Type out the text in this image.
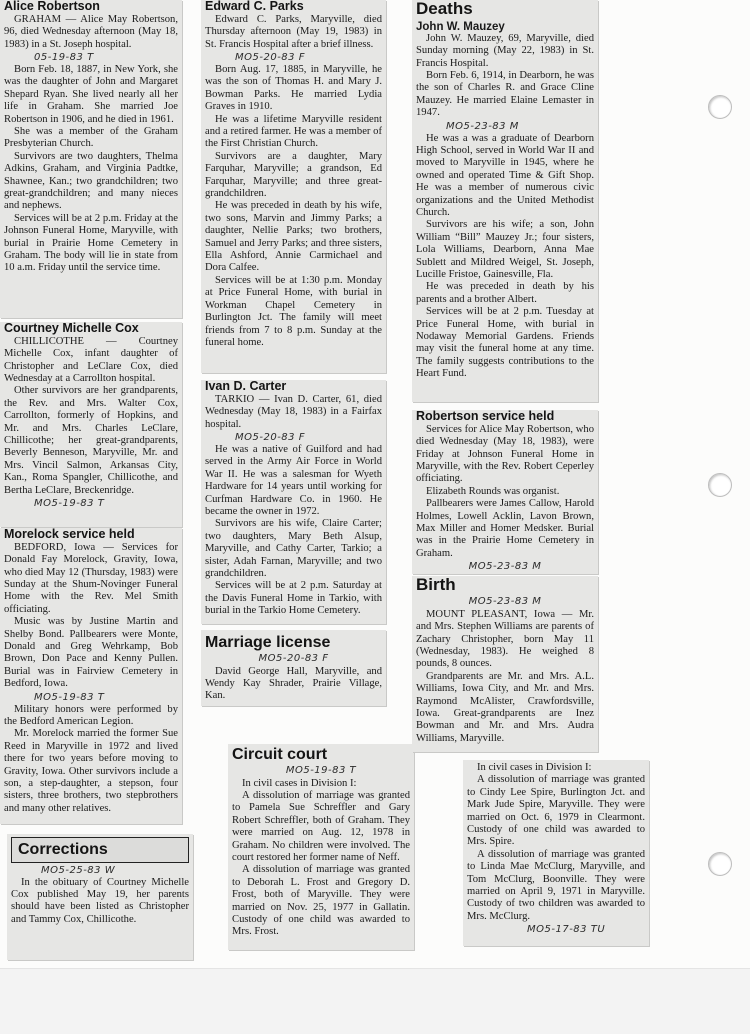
Alice Robertson

GRAHAM — Alice May Robertson, 96, died Wednesday afternoon (May 18, 1983) in a St. Joseph hospital.

05-19-83 T

Born Feb. 18, 1887, in New York, she was the daughter of John and Margaret Shepard Ryan. She lived nearly all her life in Graham. She married Joe Robertson in 1906, and he died in 1961.

She was a member of the Graham Presbyterian Church.

Survivors are two daughters, Thelma Adkins, Graham, and Virginia Padtke, Shawnee, Kan.; two grandchildren; two great-grandchildren; and many nieces and nephews.

Services will be at 2 p.m. Friday at the Johnson Funeral Home, Maryville, with burial in Prairie Home Cemetery in Graham. The body will lie in state from 10 a.m. Friday until the service time.

Courtney Michelle Cox

CHILLICOTHE — Courtney Michelle Cox, infant daughter of Christopher and LeClare Cox, died Wednesday at a Carrollton hospital.

Other survivors are her grandparents, the Rev. and Mrs. Walter Cox, Carrollton, formerly of Hopkins, and Mr. and Mrs. Charles LeClare, Chillicothe; her great-grandparents, Beverly Benneson, Maryville, Mr. and Mrs. Vincil Salmon, Arkansas City, Kan., Roma Spangler, Chillicothe, and Bertha LeClare, Breckenridge.

MO5-19-83 T
Morelock service held

BEDFORD, Iowa — Services for Donald Fay Morelock, Gravity, Iowa, who died May 12 (Thursday, 1983) were Sunday at the Shum-Novinger Funeral Home with the Rev. Mel Smith officiating.

Music was by Justine Martin and Shelby Bond. Pallbearers were Monte, Donald and Greg Wehrkamp, Bob Brown, Don Pace and Kenny Pullen. Burial was in Fairview Cemetery in Bedford, Iowa.

MO5-19-83 T

Military honors were performed by the Bedford American Legion.

Mr. Morelock married the former Sue Reed in Maryville in 1972 and lived there for two years before moving to Gravity, Iowa. Other survivors include a son, a step-daughter, a stepson, four sisters, three brothers, two stepbrothers and many other relatives.

Corrections
MO5-25-83 W

In the obituary of Courtney Michelle Cox published May 19, her parents should have been listed as Christopher and Tammy Cox, Chillicothe.

Edward C. Parks

Edward C. Parks, Maryville, died Thursday afternoon (May 19, 1983) in St. Francis Hospital after a brief illness.

MO5-20-83 F

Born Aug. 17, 1885, in Maryville, he was the son of Thomas H. and Mary J. Bowman Parks. He married Lydia Graves in 1910.

He was a lifetime Maryville resident and a retired farmer. He was a member of the First Christian Church.

Survivors are a daughter, Mary Farquhar, Maryville; a grandson, Ed Farquhar, Maryville; and three great-grandchildren.

He was preceded in death by his wife, two sons, Marvin and Jimmy Parks; a daughter, Nellie Parks; two brothers, Samuel and Jerry Parks; and three sisters, Ella Ashford, Annie Carmichael and Dora Calfee.

Services will be at 1:30 p.m. Monday at Price Funeral Home, with burial in Workman Chapel Cemetery in Burlington Jct. The family will meet friends from 7 to 8 p.m. Sunday at the funeral home.

Ivan D. Carter

TARKIO — Ivan D. Carter, 61, died Wednesday (May 18, 1983) in a Fairfax hospital.

MO5-20-83 F

He was a native of Guilford and had served in the Army Air Force in World War II. He was a salesman for Wyeth Hardware for 14 years until working for Curfman Hardware Co. in 1960. He became the owner in 1972.

Survivors are his wife, Claire Carter; two daughters, Mary Beth Alsup, Maryville, and Cathy Carter, Tarkio; a sister, Adah Farnan, Maryville; and two grandchildren.

Services will be at 2 p.m. Saturday at the Davis Funeral Home in Tarkio, with burial in the Tarkio Home Cemetery.

Marriage license
MO5-20-83 F

David George Hall, Maryville, and Wendy Kay Shrader, Prairie Village, Kan.

Circuit court
MO5-19-83 T

In civil cases in Division I:

A dissolution of marriage was granted to Pamela Sue Schreffler and Gary Robert Schreffler, both of Graham. They were married on Aug. 12, 1978 in Graham. No children were involved. The court restored her former name of Neff.

A dissolution of marriage was granted to Deborah L. Frost and Gregory D. Frost, both of Maryville. They were married on Nov. 25, 1977 in Gallatin. Custody of one child was awarded to Mrs. Frost.

Deaths
John W. Mauzey

John W. Mauzey, 69, Maryville, died Sunday morning (May 22, 1983) in St. Francis Hospital.

Born Feb. 6, 1914, in Dearborn, he was the son of Charles R. and Grace Cline Mauzey. He married Elaine Lemaster in 1947.

MO5-23-83 M

He was a was a graduate of Dearborn High School, served in World War II and moved to Maryville in 1945, where he owned and operated Time & Gift Shop. He was a member of numerous civic organizations and the United Methodist Church.

Survivors are his wife; a son, John William “Bill” Mauzey Jr.; four sisters, Lola Williams, Dearborn, Anna Mae Sublett and Mildred Weigel, St. Joseph, Lucille Fristoe, Gainesville, Fla.

He was preceded in death by his parents and a brother Albert.

Services will be at 2 p.m. Tuesday at Price Funeral Home, with burial in Nodaway Memorial Gardens. Friends may visit the funeral home at any time. The family suggests contributions to the Heart Fund.

Robertson service held

Services for Alice May Robertson, who died Wednesday (May 18, 1983), were Friday at Johnson Funeral Home in Maryville, with the Rev. Robert Ceperley officiating.

Elizabeth Rounds was organist.

Pallbearers were James Callow, Harold Holmes, Lowell Acklin, Lavon Brown, Max Miller and Homer Medsker. Burial was in the Prairie Home Cemetery in Graham.

MO5-23-83 M
Birth
MO5-23-83 M

MOUNT PLEASANT, Iowa — Mr. and Mrs. Stephen Williams are parents of Zachary Christopher, born May 11 (Wednesday, 1983). He weighed 8 pounds, 8 ounces.

Grandparents are Mr. and Mrs. A.L. Williams, Iowa City, and Mr. and Mrs. Raymond McAlister, Crawfordsville, Iowa. Great-grandparents are Inez Bowman and Mr. and Mrs. Audra Williams, Maryville.

In civil cases in Division I:

A dissolution of marriage was granted to Cindy Lee Spire, Burlington Jct. and Mark Jude Spire, Maryville. They were married on Oct. 6, 1979 in Clearmont. Custody of one child was awarded to Mrs. Spire.

A dissolution of marriage was granted to Linda Mae McClurg, Maryville, and Tom McClurg, Boonville. They were married on April 9, 1971 in Maryville. Custody of two children was awarded to Mrs. McClurg.

MO5-17-83 TU
